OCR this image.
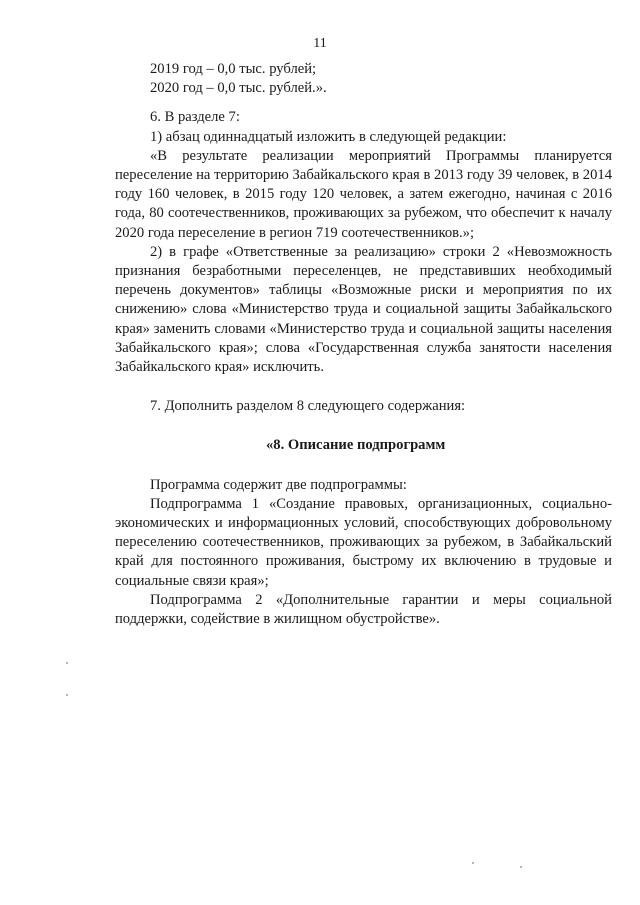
11

2019 год – 0,0 тыс. рублей;

2020 год – 0,0 тыс. рублей.».

6. В разделе 7:

1) абзац одиннадцатый изложить в следующей редакции:

«В результате реализации мероприятий Программы планируется переселение на территорию Забайкальского края в 2013 году 39 человек, в 2014 году 160 человек, в 2015 году 120 человек, а затем ежегодно, начиная с 2016 года, 80 соотечественников, проживающих за рубежом, что обеспечит к началу 2020 года переселение в регион 719 соотечественников.»;

2) в графе «Ответственные за реализацию» строки 2 «Невозможность признания безработными переселенцев, не представивших необходимый перечень документов» таблицы «Возможные риски и мероприятия по их снижению» слова «Министерство труда и социальной защиты Забайкальского края» заменить словами «Министерство труда и социальной защиты населения Забайкальского края»; слова «Государственная служба занятости населения Забайкальского края» исключить.

7. Дополнить разделом 8 следующего содержания:

«8. Описание подпрограмм

Программа содержит две подпрограммы:

Подпрограмма 1 «Создание правовых, организационных, социально-экономических и информационных условий, способствующих добровольному переселению соотечественников, проживающих за рубежом, в Забайкальский край для постоянного проживания, быстрому их включению в трудовые и социальные связи края»;

Подпрограмма 2 «Дополнительные гарантии и меры социальной поддержки, содействие в жилищном обустройстве».
